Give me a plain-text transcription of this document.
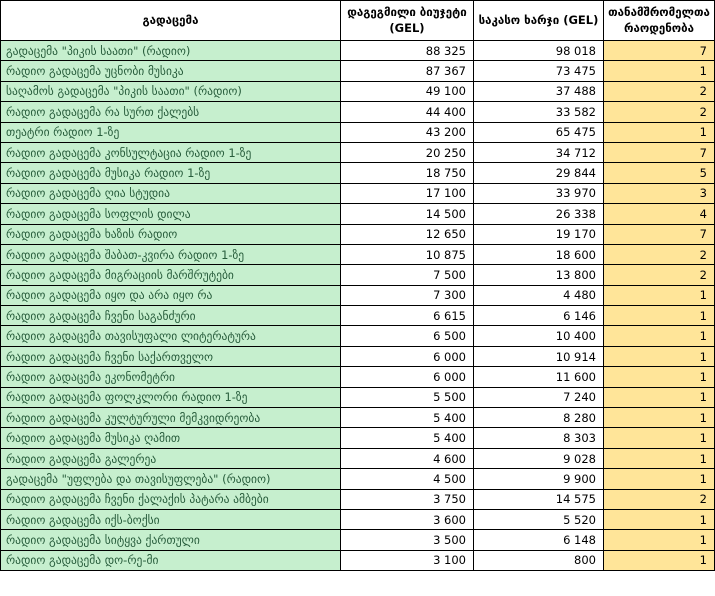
გადაცემა	დაგეგმილი ბიუჯეტი (GEL)	საკასო ხარჯი (GEL)	თანამშრომელთა რაოდენობა
გადაცემა "პიკის საათი" (რადიო)	88 325	98 018	7
რადიო გადაცემა უცნობი მუსიკა	87 367	73 475	1
საღამოს გადაცემა "პიკის საათი" (რადიო)	49 100	37 488	2
რადიო გადაცემა რა სურთ ქალებს	44 400	33 582	2
თეატრი რადიო 1-ზე	43 200	65 475	1
რადიო გადაცემა კონსულტაცია რადიო 1-ზე	20 250	34 712	7
რადიო გადაცემა მუსიკა რადიო 1-ზე	18 750	29 844	5
რადიო გადაცემა ღია სტუდია	17 100	33 970	3
რადიო გადაცემა სოფლის დილა	14 500	26 338	4
რადიო გადაცემა ხაზის რადიო	12 650	19 170	7
რადიო გადაცემა შაბათ-კვირა რადიო 1-ზე	10 875	18 600	2
რადიო გადაცემა მიგრაციის მარშრუტები	7 500	13 800	2
რადიო გადაცემა იყო და არა იყო რა	7 300	4 480	1
რადიო გადაცემა ჩვენი საგანძური	6 615	6 146	1
რადიო გადაცემა თავისუფალი ლიტერატურა	6 500	10 400	1
რადიო გადაცემა ჩვენი საქართველო	6 000	10 914	1
რადიო გადაცემა ეკონომეტრი	6 000	11 600	1
რადიო გადაცემა ფოლკლორი რადიო 1-ზე	5 500	7 240	1
რადიო გადაცემა კულტურული მემკვიდრეობა	5 400	8 280	1
რადიო გადაცემა მუსიკა ღამით	5 400	8 303	1
რადიო გადაცემა გალერეა	4 600	9 028	1
გადაცემა "უფლება და თავისუფლება" (რადიო)	4 500	9 900	1
რადიო გადაცემა ჩვენი ქალაქის პატარა ამბები	3 750	14 575	2
რადიო გადაცემა იქს-ბოქსი	3 600	5 520	1
რადიო გადაცემა სიტყვა ქართული	3 500	6 148	1
რადიო გადაცემა დო-რე-მი	3 100	800	1
